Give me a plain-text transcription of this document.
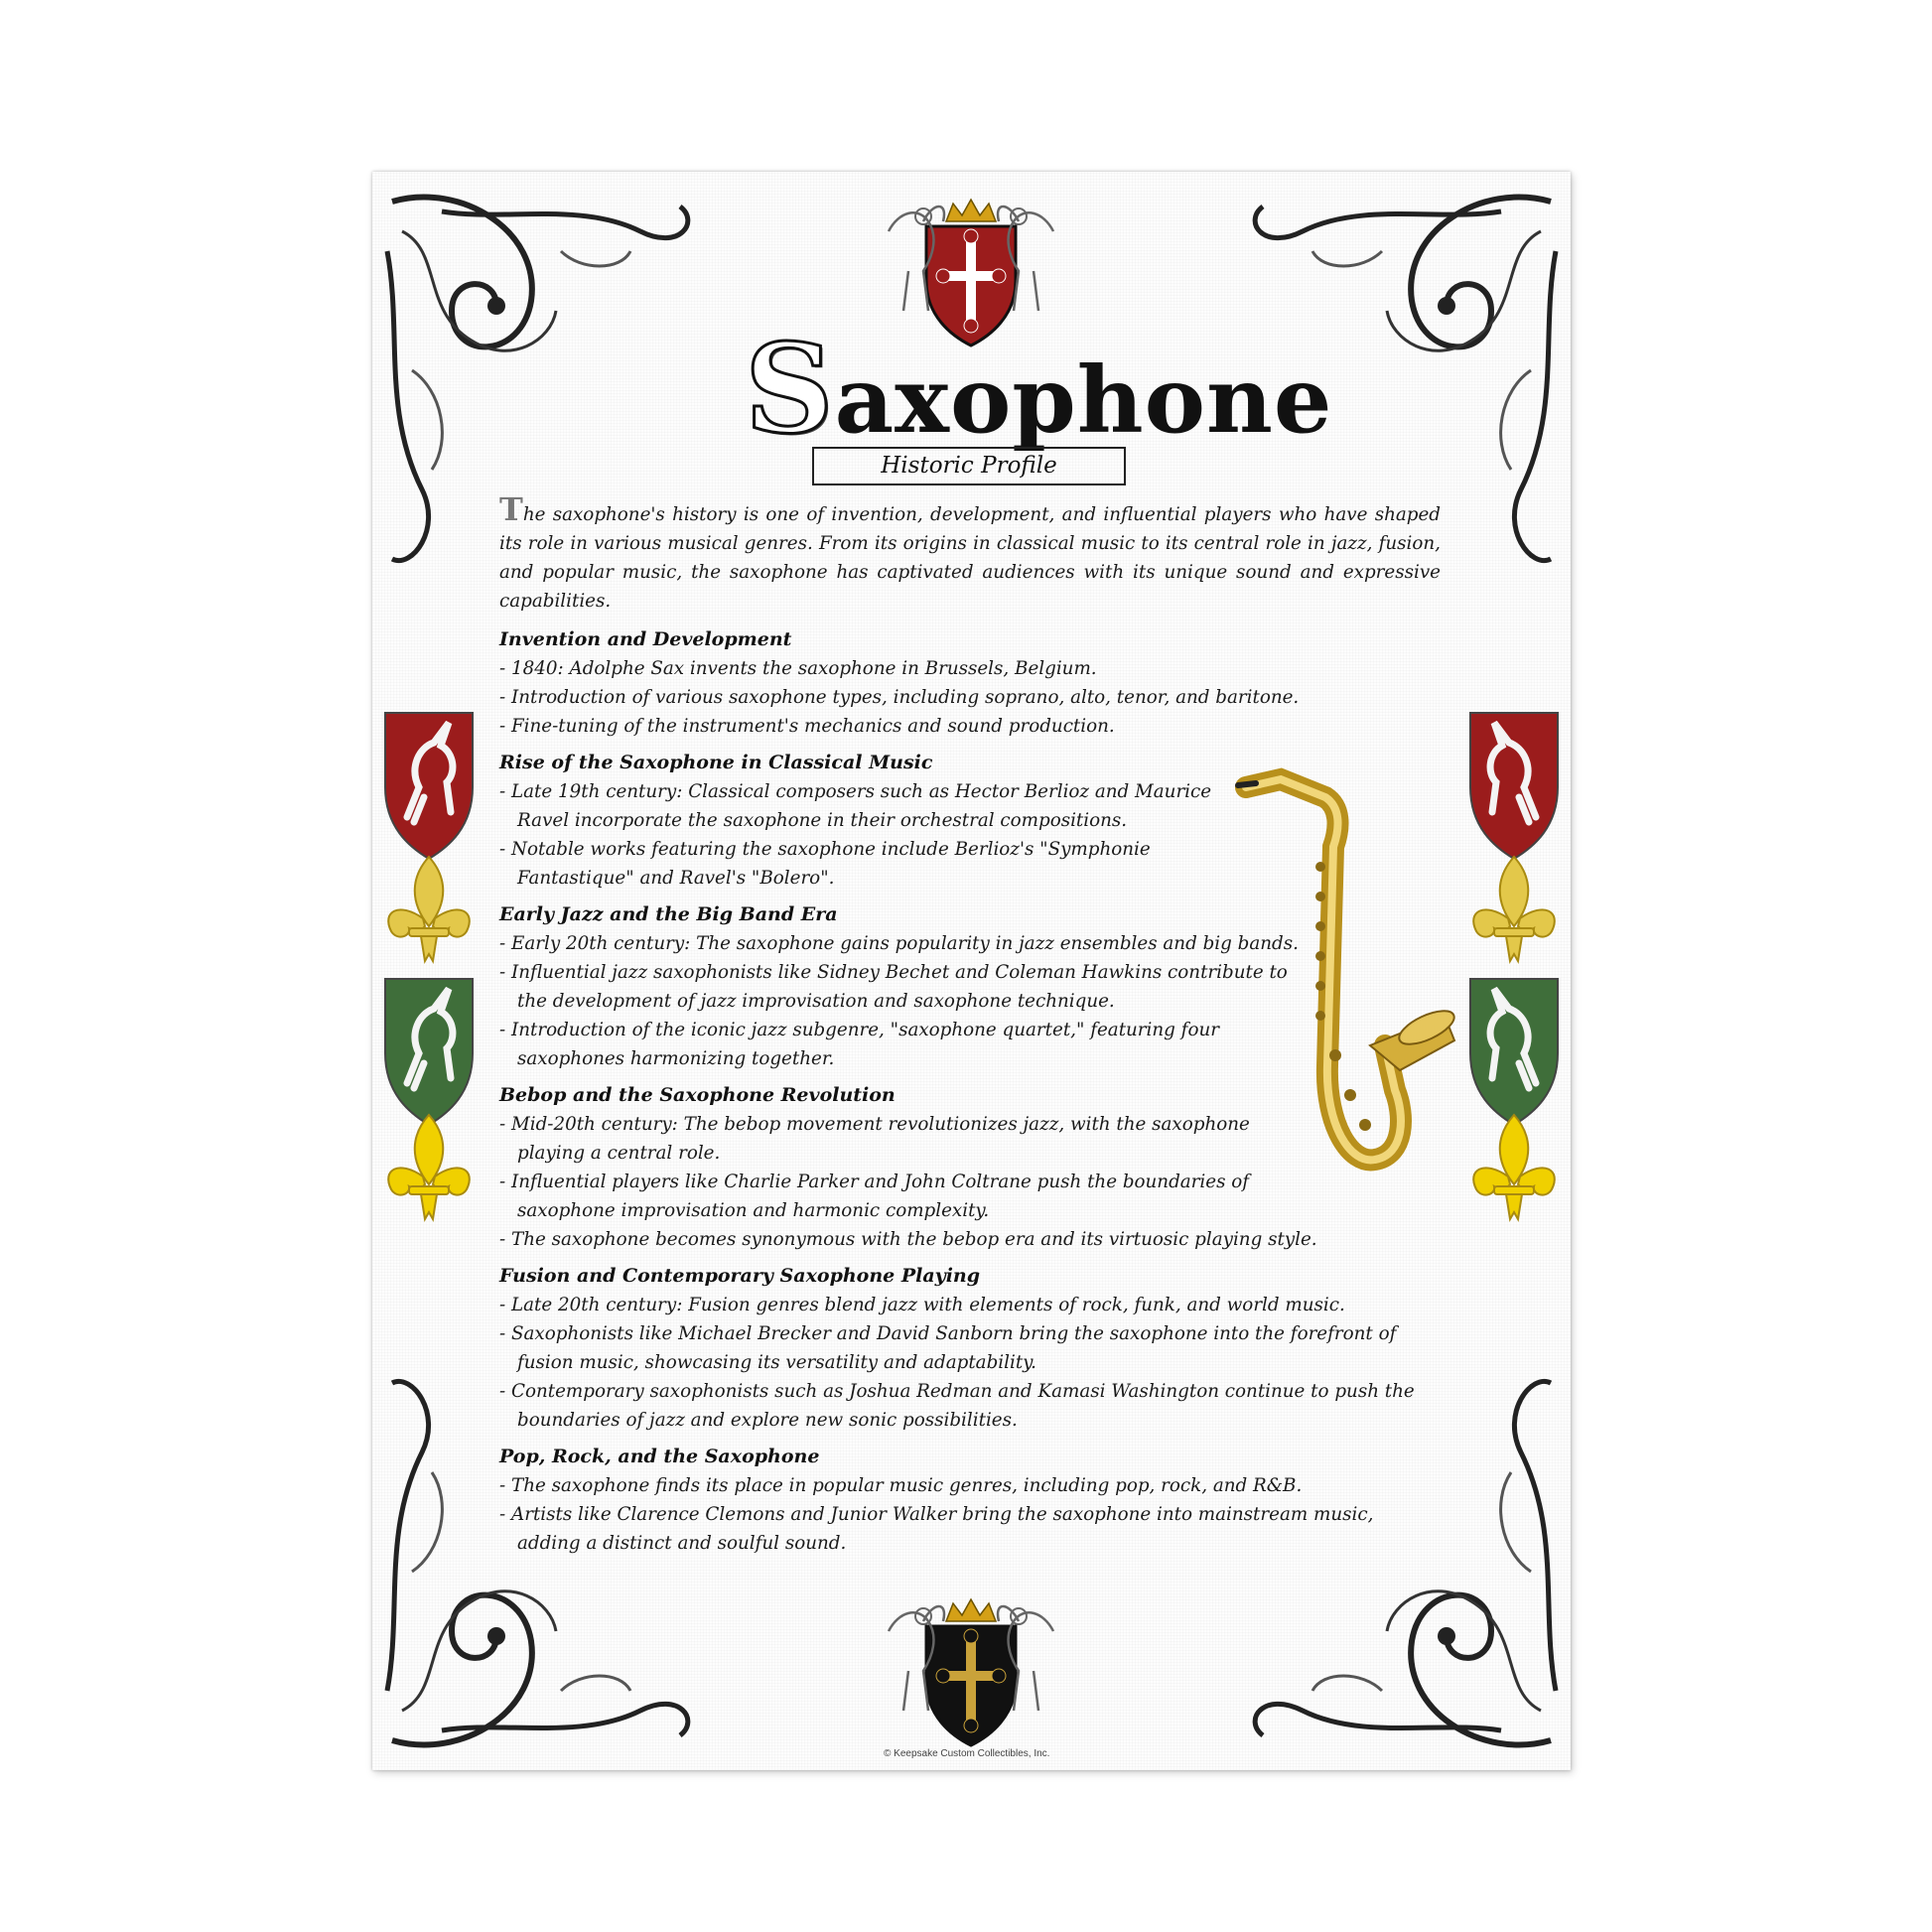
Saxophone
Historic Profile

The saxophone's history is one of invention, development, and influential players who have shaped its role in various musical genres. From its origins in classical music to its central role in jazz, fusion, and popular music, the saxophone has captivated audiences with its unique sound and expressive capabilities.

Invention and Development
- 1840: Adolphe Sax invents the saxophone in Brussels, Belgium.
- Introduction of various saxophone types, including soprano, alto, tenor, and baritone.
- Fine-tuning of the instrument's mechanics and sound production.
Rise of the Saxophone in Classical Music
- Late 19th century: Classical composers such as Hector Berlioz and Maurice Ravel incorporate the saxophone in their orchestral compositions.
- Notable works featuring the saxophone include Berlioz's "Symphonie Fantastique" and Ravel's "Bolero".
Early Jazz and the Big Band Era
- Early 20th century: The saxophone gains popularity in jazz ensembles and big bands.
- Influential jazz saxophonists like Sidney Bechet and Coleman Hawkins contribute to the development of jazz improvisation and saxophone technique.
- Introduction of the iconic jazz subgenre, "saxophone quartet," featuring four saxophones harmonizing together.
Bebop and the Saxophone Revolution
- Mid-20th century: The bebop movement revolutionizes jazz, with the saxophone playing a central role.
- Influential players like Charlie Parker and John Coltrane push the boundaries of saxophone improvisation and harmonic complexity.
- The saxophone becomes synonymous with the bebop era and its virtuosic playing style.
Fusion and Contemporary Saxophone Playing
- Late 20th century: Fusion genres blend jazz with elements of rock, funk, and world music.
- Saxophonists like Michael Brecker and David Sanborn bring the saxophone into the forefront of fusion music, showcasing its versatility and adaptability.
- Contemporary saxophonists such as Joshua Redman and Kamasi Washington continue to push the boundaries of jazz and explore new sonic possibilities.
Pop, Rock, and the Saxophone
- The saxophone finds its place in popular music genres, including pop, rock, and R&B.
- Artists like Clarence Clemons and Junior Walker bring the saxophone into mainstream music, adding a distinct and soulful sound.
© Keepsake Custom Collectibles, Inc.
